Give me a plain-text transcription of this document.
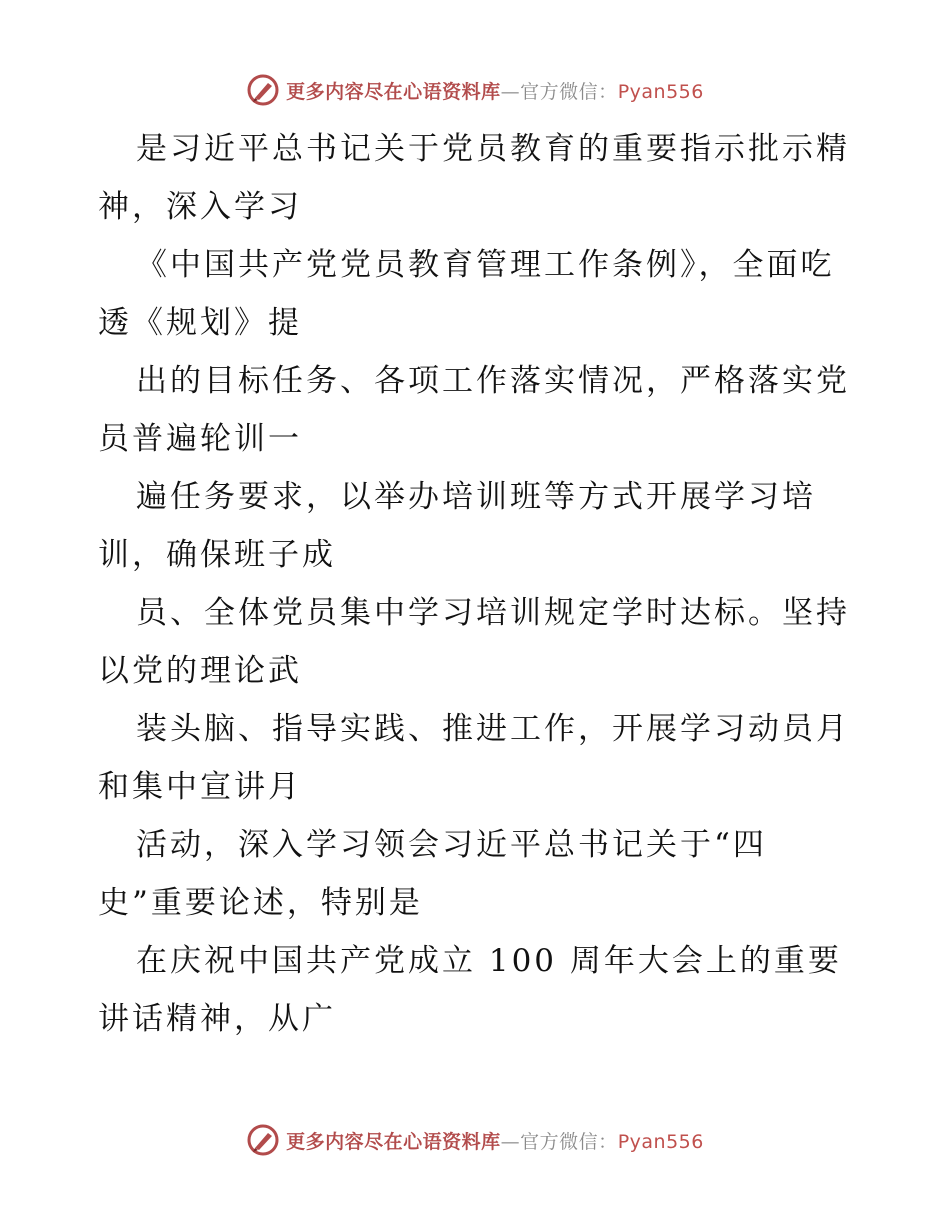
更多内容尽在心语资料库—官方微信：Pyan556
是习近平总书记关于党员教育的重要指示批示精
神，深入学习
《中国共产党党员教育管理工作条例》，全面吃
透《规划》提
出的目标任务、各项工作落实情况，严格落实党
员普遍轮训一
遍任务要求，以举办培训班等方式开展学习培
训，确保班子成
员、全体党员集中学习培训规定学时达标。坚持
以党的理论武
装头脑、指导实践、推进工作，开展学习动员月
和集中宣讲月
活动，深入学习领会习近平总书记关于“四
史”重要论述，特别是
在庆祝中国共产党成立 100 周年大会上的重要
讲话精神，从广
更多内容尽在心语资料库—官方微信：Pyan556
